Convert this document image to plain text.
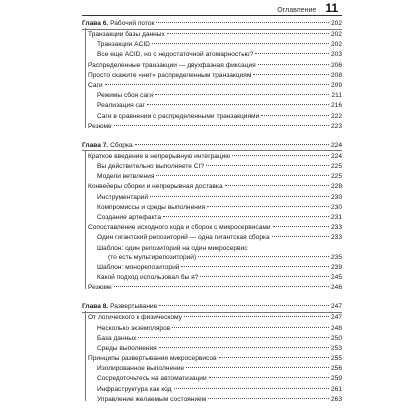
Оглавление 11
Глава 6. Рабочий поток	202
Транзакции базы данных	202
Транзакции ACID	202
Все еще ACID, но с недостаточной атомарностью?	203
Распределенные транзакции — двухфазная фиксация	206
Просто скажите «нет» распределенным транзакциям	208
Саги	209
Режимы сбоя саги	211
Реализация саг	216
Саги в сравнении с распределенными транзакциями	222
Резюме	223
Глава 7. Сборка	224
Краткое введение в непрерывную интеграцию	224
Вы действительно выполняете CI?	225
Модели ветвления	225
Конвейеры сборки и непрерывная доставка	228
Инструментарий	230
Компромиссы и среды выполнения	230
Создание артефакта	231
Сопоставление исходного кода и сборок с микросервисами	233
Один гигантский репозиторий — одна гигантская сборка	233
Шаблон: один репозиторий на один микросервис
(то есть мультирепозиторий)	235
Шаблон: монорепозиторий	239
Какой подход использовал бы я?	245
Резюме	246
Глава 8. Развертывание	247
От логического к физическому	247
Несколько экземпляров	248
База данных	250
Среды выполнения	253
Принципы развертывания микросервисов	255
Изолированное выполнение	256
Сосредоточьтесь на автоматизации	259
Инфраструктура как код	261
Управление желаемым состоянием	263
